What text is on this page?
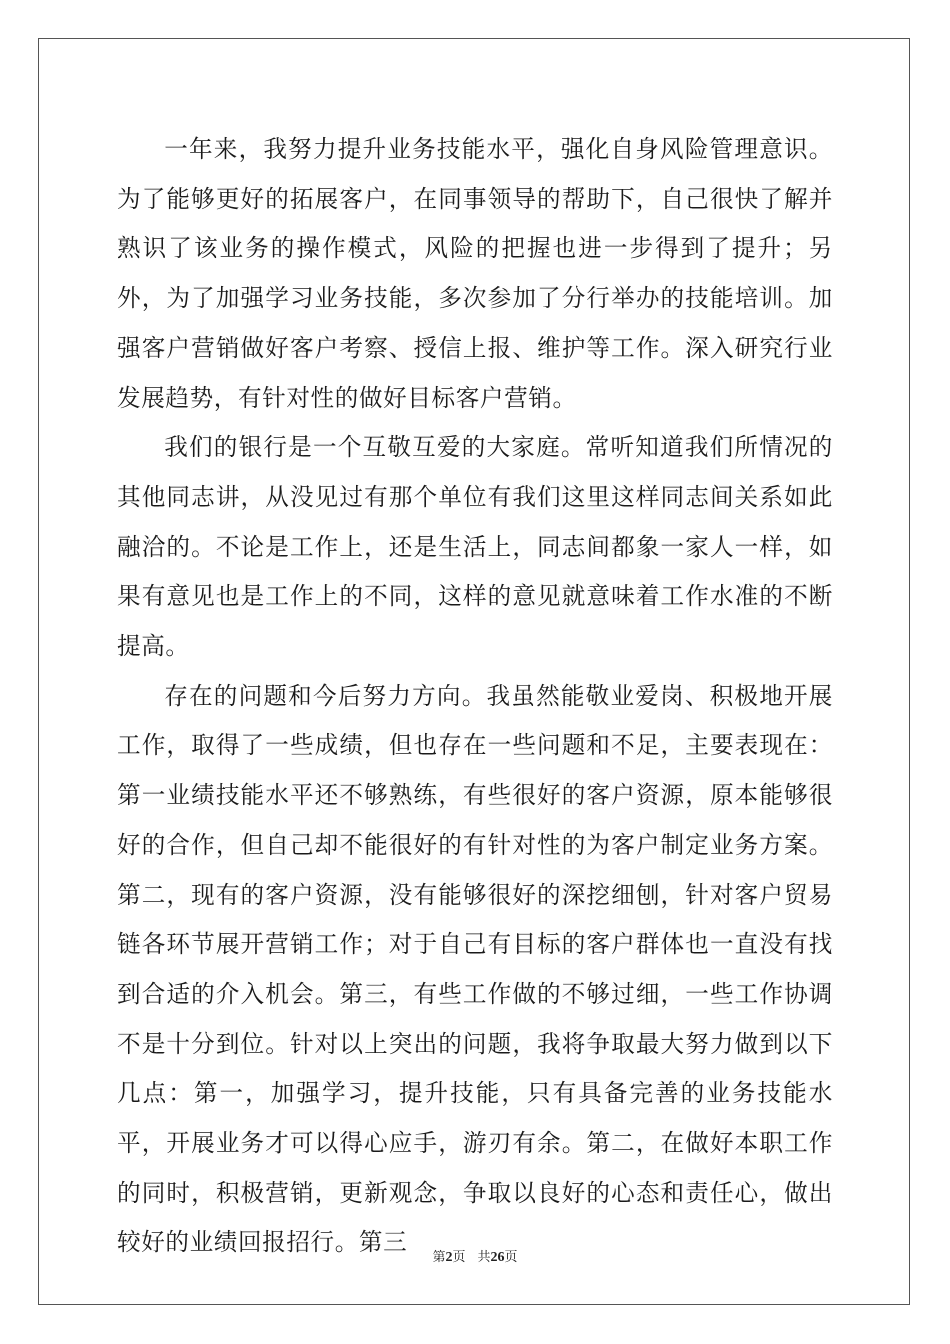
一年来，我努力提升业务技能水平，强化自身风险管理意识。为了能够更好的拓展客户，在同事领导的帮助下，自己很快了解并熟识了该业务的操作模式，风险的把握也进一步得到了提升；另外，为了加强学习业务技能，多次参加了分行举办的技能培训。加强客户营销做好客户考察、授信上报、维护等工作。深入研究行业发展趋势，有针对性的做好目标客户营销。

我们的银行是一个互敬互爱的大家庭。常听知道我们所情况的其他同志讲，从没见过有那个单位有我们这里这样同志间关系如此融洽的。不论是工作上，还是生活上，同志间都象一家人一样，如果有意见也是工作上的不同，这样的意见就意味着工作水准的不断提高。

存在的问题和今后努力方向。我虽然能敬业爱岗、积极地开展工作，取得了一些成绩，但也存在一些问题和不足，主要表现在：第一业绩技能水平还不够熟练，有些很好的客户资源，原本能够很好的合作，但自己却不能很好的有针对性的为客户制定业务方案。第二，现有的客户资源，没有能够很好的深挖细刨，针对客户贸易链各环节展开营销工作；对于自己有目标的客户群体也一直没有找到合适的介入机会。第三，有些工作做的不够过细，一些工作协调不是十分到位。针对以上突出的问题，我将争取最大努力做到以下几点：第一，加强学习，提升技能，只有具备完善的业务技能水平，开展业务才可以得心应手，游刃有余。第二，在做好本职工作的同时，积极营销，更新观念，争取以良好的心态和责任心，做出较好的业绩回报招行。第三

第2页 共26页
